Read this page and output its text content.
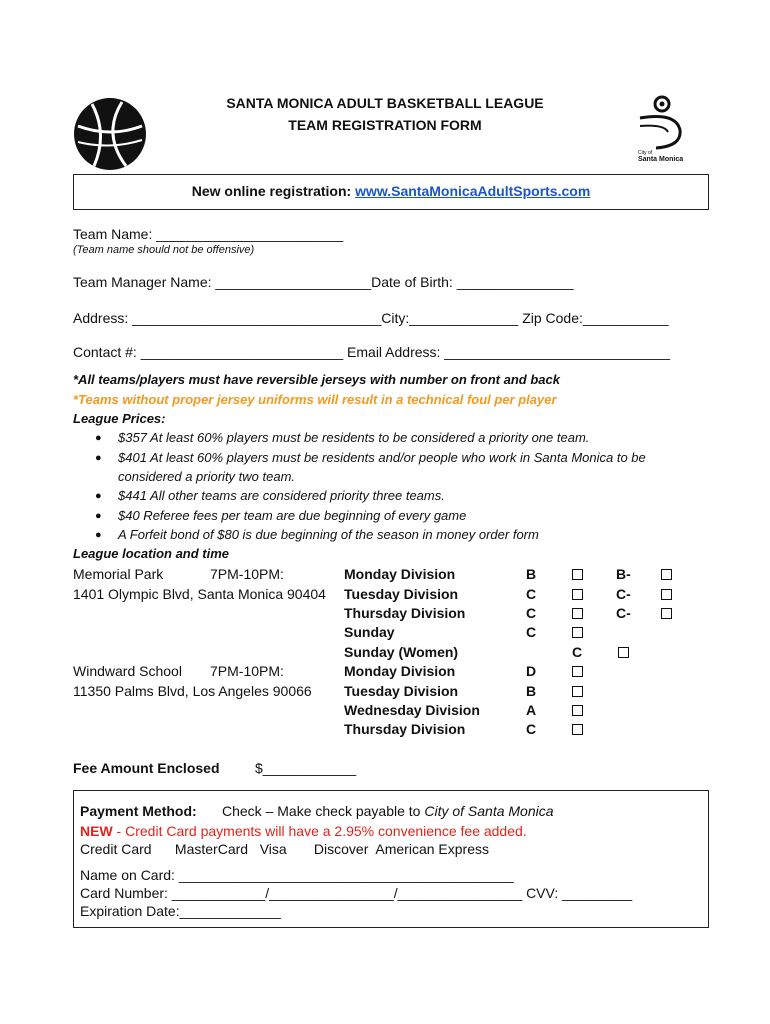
City of
Santa Monica
SANTA MONICA ADULT BASKETBALL LEAGUE
TEAM REGISTRATION FORM
New online registration: www.SantaMonicaAdultSports.com
Team Name: ________________________
(Team name should not be offensive)
Team Manager Name: ____________________Date of Birth: _______________
Address: ________________________________City:______________ Zip Code:___________
Contact #: __________________________ Email Address: _____________________________
*All teams/players must have reversible jerseys with number on front and back
*Teams without proper jersey uniforms will result in a technical foul per player
League Prices:
● $357 At least 60% players must be residents to be considered a priority one team.
● $401 At least 60% players must be residents and/or people who work in Santa Monica to be
considered a priority two team.
● $441 All other teams are considered priority three teams.
● $40 Referee fees per team are due beginning of every game
● A Forfeit bond of $80 is due beginning of the season in money order form
League location and time
Memorial Park	7PM-10PM:
1401 Olympic Blvd, Santa Monica 90404
Monday Division
Tuesday Division
Thursday Division
Sunday
Sunday (Women)
B
C
C
C
C
B-
C-
C-
Windward School 7PM-10PM:
11350 Palms Blvd, Los Angeles 90066
Monday Division
Tuesday Division
Wednesday Division
Thursday Division
D
B
A
C
Fee Amount Enclosed	$____________
Payment Method: Check – Make check payable to City of Santa Monica
NEW - Credit Card payments will have a 2.95% convenience fee added.
Credit Card      MasterCard   Visa       Discover  American Express
Name on Card: ___________________________________________
Card Number: ____________/________________/________________ CVV: _________
Expiration Date:_____________
